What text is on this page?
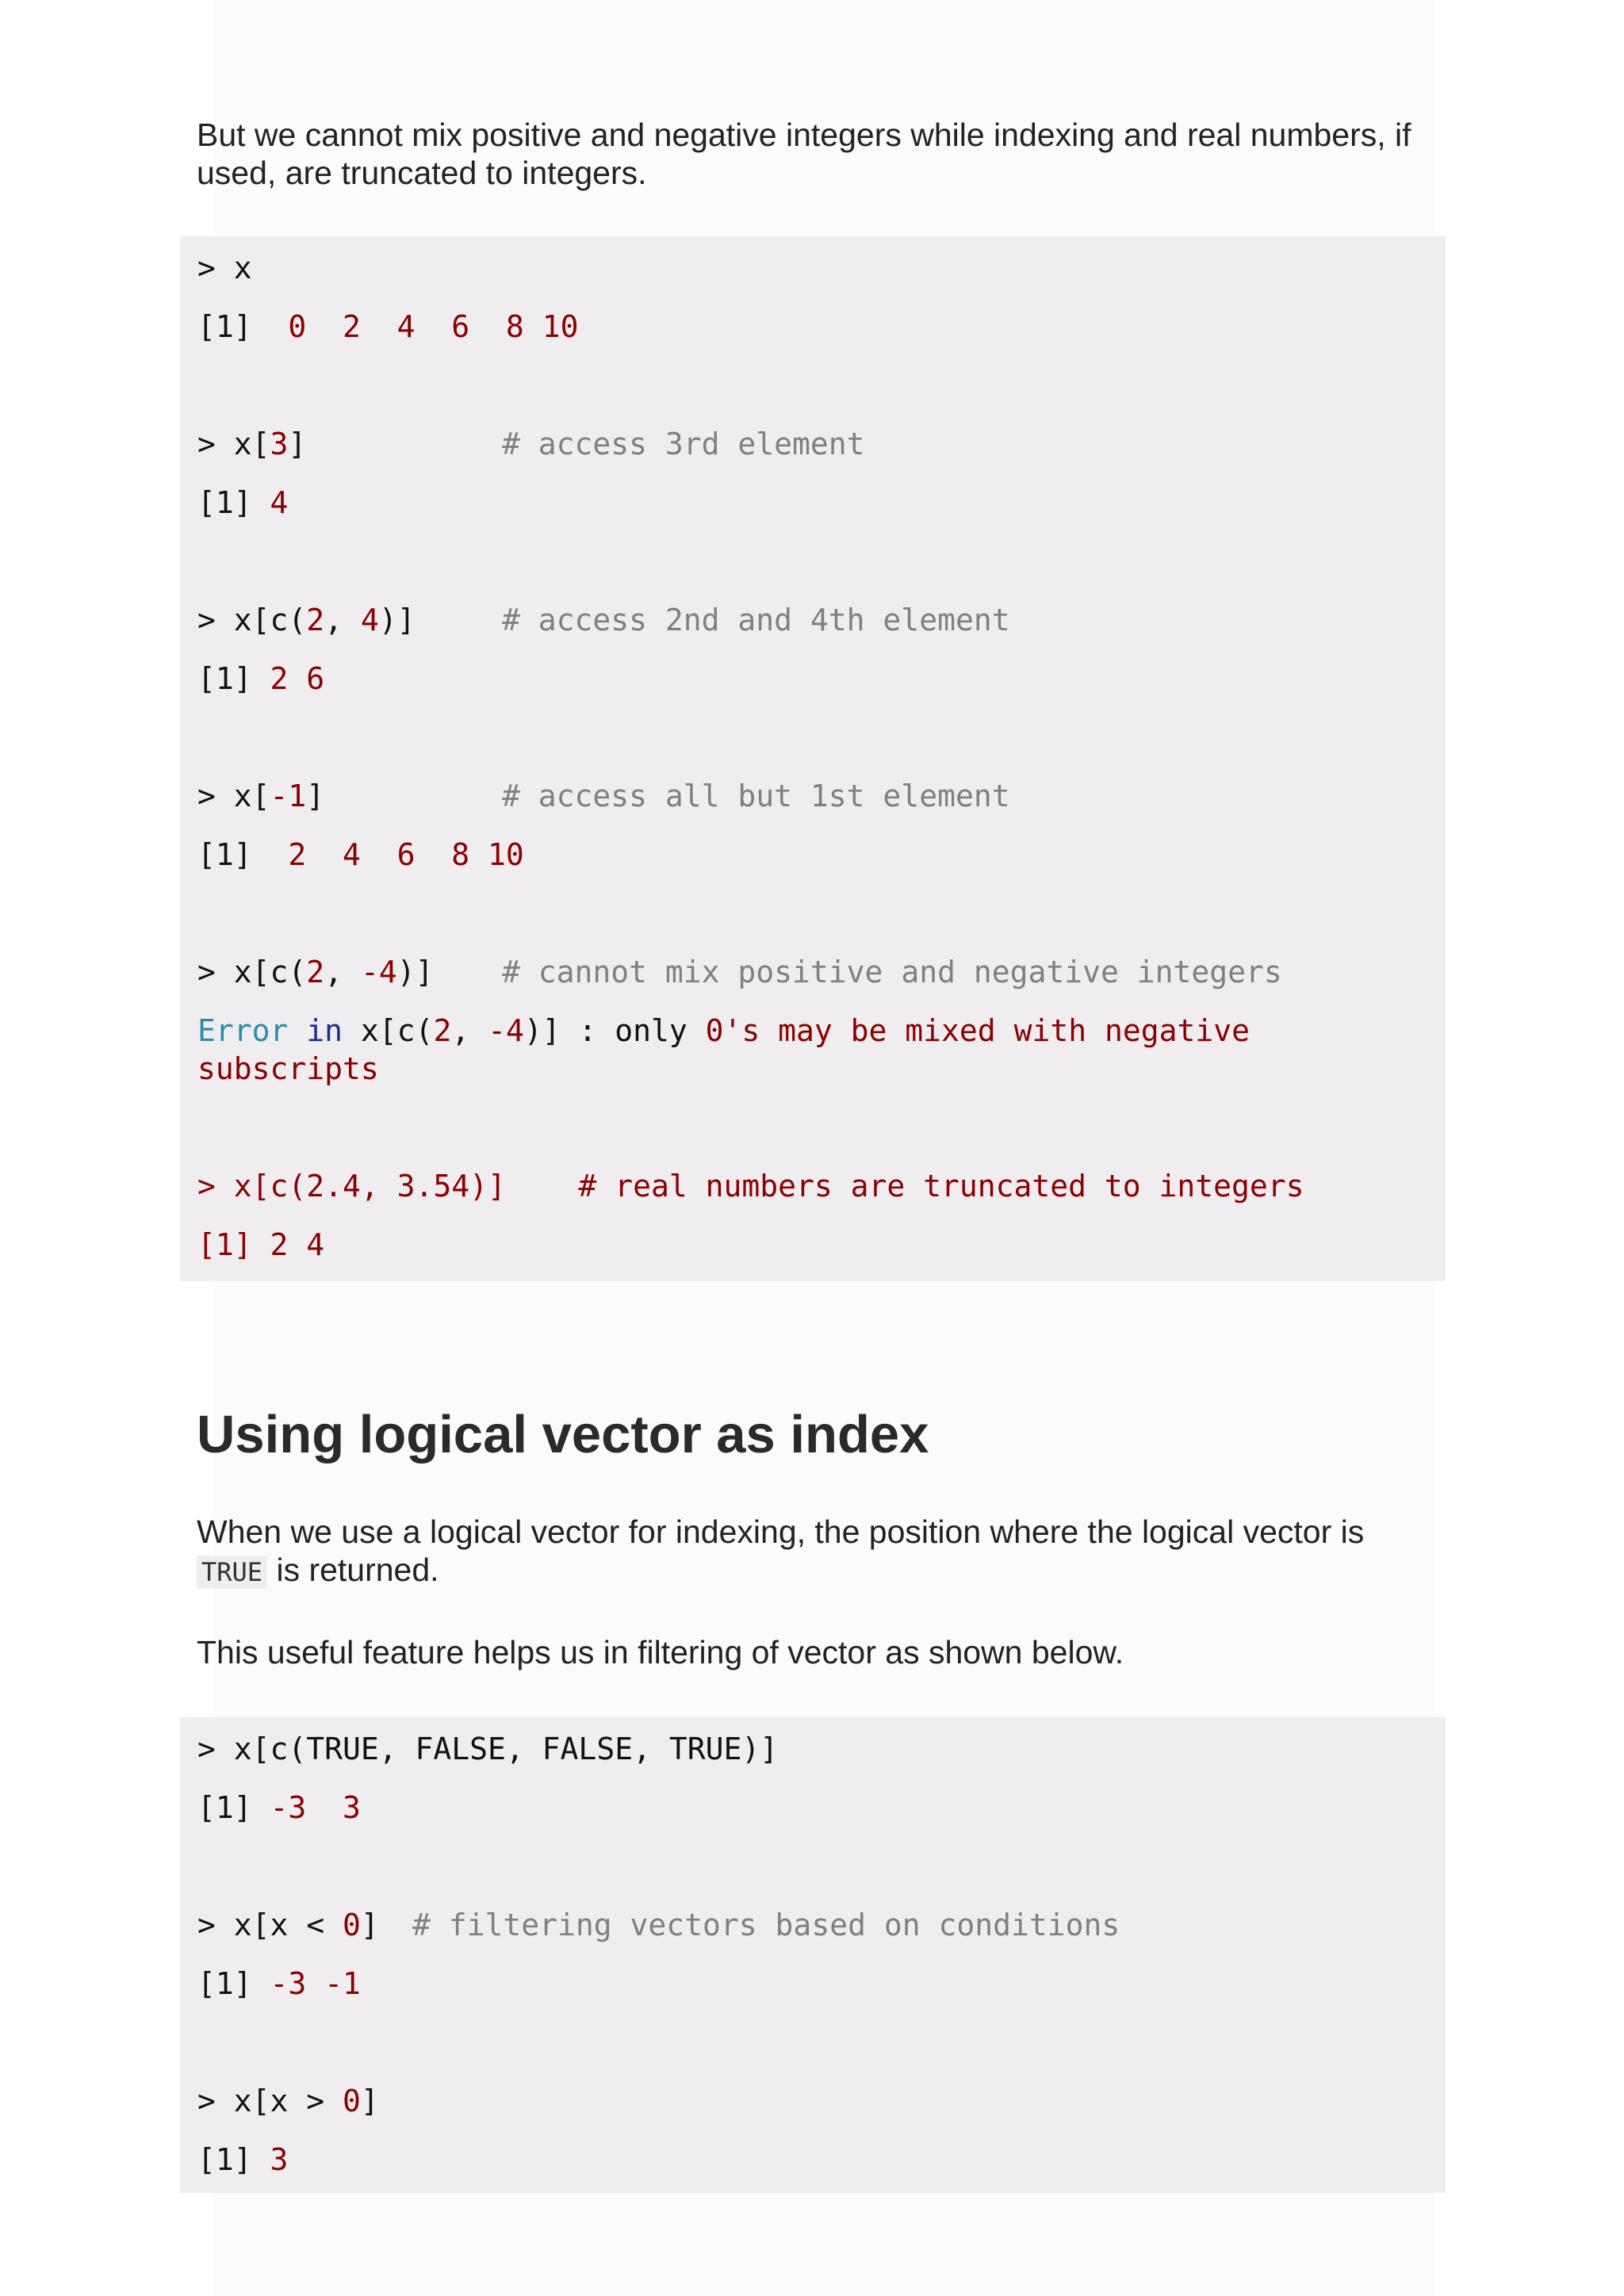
But we cannot mix positive and negative integers while indexing and real numbers, if used, are truncated to integers.

> x
[1]  0  2  4  6  8 10
> x[3]	# access 3rd element
[1] 4
> x[c(2, 4)]	# access 2nd and 4th element
[1] 2 6
> x[-1]	# access all but 1st element
[1]  2  4  6  8 10
> x[c(2, -4)] # cannot mix positive and negative integers
Error in x[c(2, -4)] : only 0's may be mixed with negative
subscripts
> x[c(2.4, 3.54)]    # real numbers are truncated to integers
[1] 2 4
Using logical vector as index

When we use a logical vector for indexing, the position where the logical vector is TRUE is returned.

This useful feature helps us in filtering of vector as shown below.

> x[c(TRUE, FALSE, FALSE, TRUE)]
[1] -3  3
> x[x < 0] # filtering vectors based on conditions
[1] -3 -1
> x[x > 0]
[1] 3
